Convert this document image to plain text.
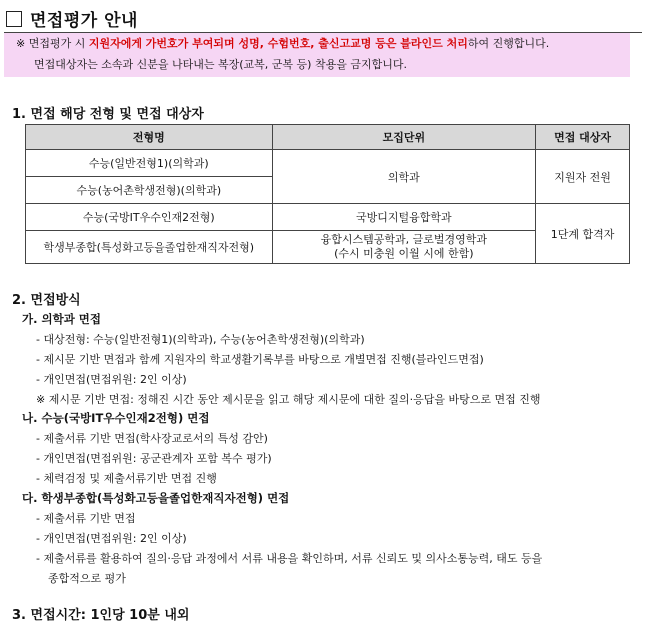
면접평가 안내
※ 면접평가 시 지원자에게 가번호가 부여되며 성명, 수험번호, 출신고교명 등은 블라인드 처리하여 진행합니다.
면접대상자는 소속과 신분을 나타내는 복장(교복, 군복 등) 착용을 금지합니다.
1. 면접 해당 전형 및 면접 대상자
전형명	모집단위	면접 대상자
수능(일반전형1)(의학과)	의학과	지원자 전원
수능(농어촌학생전형)(의학과)		
수능(국방IT우수인재2전형)	국방디지털융합학과	1단계 합격자
학생부종합(특성화고등을졸업한재직자전형)	융합시스템공학과, 글로벌경영학과
(수시 미충원 이월 시에 한함)	
2. 면접방식
가. 의학과 면접
- 대상전형: 수능(일반전형1)(의학과), 수능(농어촌학생전형)(의학과)
- 제시문 기반 면접과 함께 지원자의 학교생활기록부를 바탕으로 개별면접 진행(블라인드면접)
- 개인면접(면접위원: 2인 이상)
※ 제시문 기반 면접: 정해진 시간 동안 제시문을 읽고 해당 제시문에 대한 질의·응답을 바탕으로 면접 진행
나. 수능(국방IT우수인재2전형) 면접
- 제출서류 기반 면접(학사장교로서의 특성 감안)
- 개인면접(면접위원: 공군관계자 포함 복수 평가)
- 체력검정 및 제출서류기반 면접 진행
다. 학생부종합(특성화고등을졸업한재직자전형) 면접
- 제출서류 기반 면접
- 개인면접(면접위원: 2인 이상)
- 제출서류를 활용하여 질의·응답 과정에서 서류 내용을 확인하며, 서류 신뢰도 및 의사소통능력, 태도 등을
종합적으로 평가
3. 면접시간: 1인당 10분 내외
